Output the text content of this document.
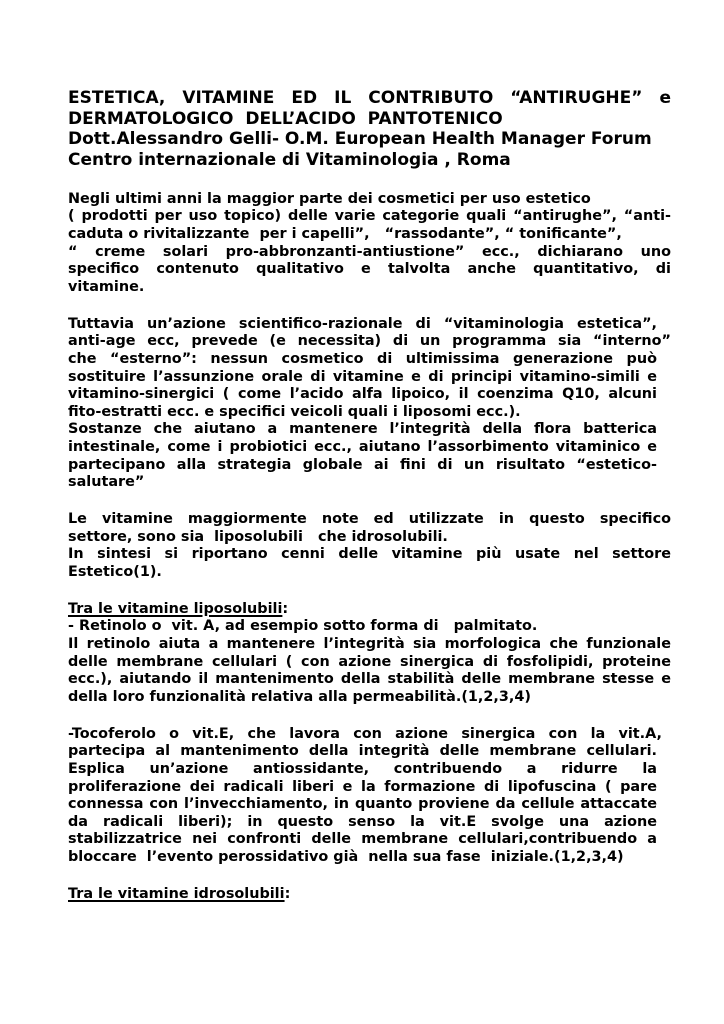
ESTETICA, VITAMINE ED IL CONTRIBUTO “ANTIRUGHE” e
DERMATOLOGICO  DELL’ACIDO  PANTOTENICO
Dott.Alessandro Gelli- O.M. European Health Manager Forum
Centro internazionale di Vitaminologia , Roma
Negli ultimi anni la maggior parte dei cosmetici per uso estetico
( prodotti per uso topico) delle varie categorie quali “antirughe”, “anti-
caduta o rivitalizzante  per i capelli”,   “rassodante”, “ tonificante”,
“ creme solari pro-abbronzanti-antiustione” ecc., dichiarano uno
specifico contenuto qualitativo e talvolta anche quantitativo, di
vitamine.
Tuttavia un’azione scientifico-razionale di “vitaminologia estetica”,
anti-age ecc, prevede (e necessita) di un programma sia “interno”
che “esterno”: nessun cosmetico di ultimissima generazione può
sostituire l’assunzione orale di vitamine e di principi vitamino-simili e
vitamino-sinergici ( come l’acido alfa lipoico, il coenzima Q10, alcuni
fito-estratti ecc. e specifici veicoli quali i liposomi ecc.).
Sostanze che aiutano a mantenere l’integrità della flora batterica
intestinale, come i probiotici ecc., aiutano l’assorbimento vitaminico e
partecipano alla strategia globale ai fini di un risultato “estetico-
salutare”
Le vitamine maggiormente note ed utilizzate in questo specifico
settore, sono sia  liposolubili   che idrosolubili.
In sintesi si riportano cenni delle vitamine più usate nel settore
Estetico(1).
Tra le vitamine liposolubili:
- Retinolo o  vit. A, ad esempio sotto forma di   palmitato.
Il retinolo aiuta a mantenere l’integrità sia morfologica che funzionale
delle membrane cellulari ( con azione sinergica di fosfolipidi, proteine
ecc.), aiutando il mantenimento della stabilità delle membrane stesse e
della loro funzionalità relativa alla permeabilità.(1,2,3,4)
-Tocoferolo o vit.E, che lavora con azione sinergica con la vit.A,
partecipa al mantenimento della integrità delle membrane cellulari.
Esplica un’azione antiossidante, contribuendo a ridurre la
proliferazione dei radicali liberi e la formazione di lipofuscina ( pare
connessa con l’invecchiamento, in quanto proviene da cellule attaccate
da radicali liberi); in questo senso la vit.E svolge una azione
stabilizzatrice nei confronti delle membrane cellulari,contribuendo a
bloccare  l’evento perossidativo già  nella sua fase  iniziale.(1,2,3,4)
Tra le vitamine idrosolubili:
